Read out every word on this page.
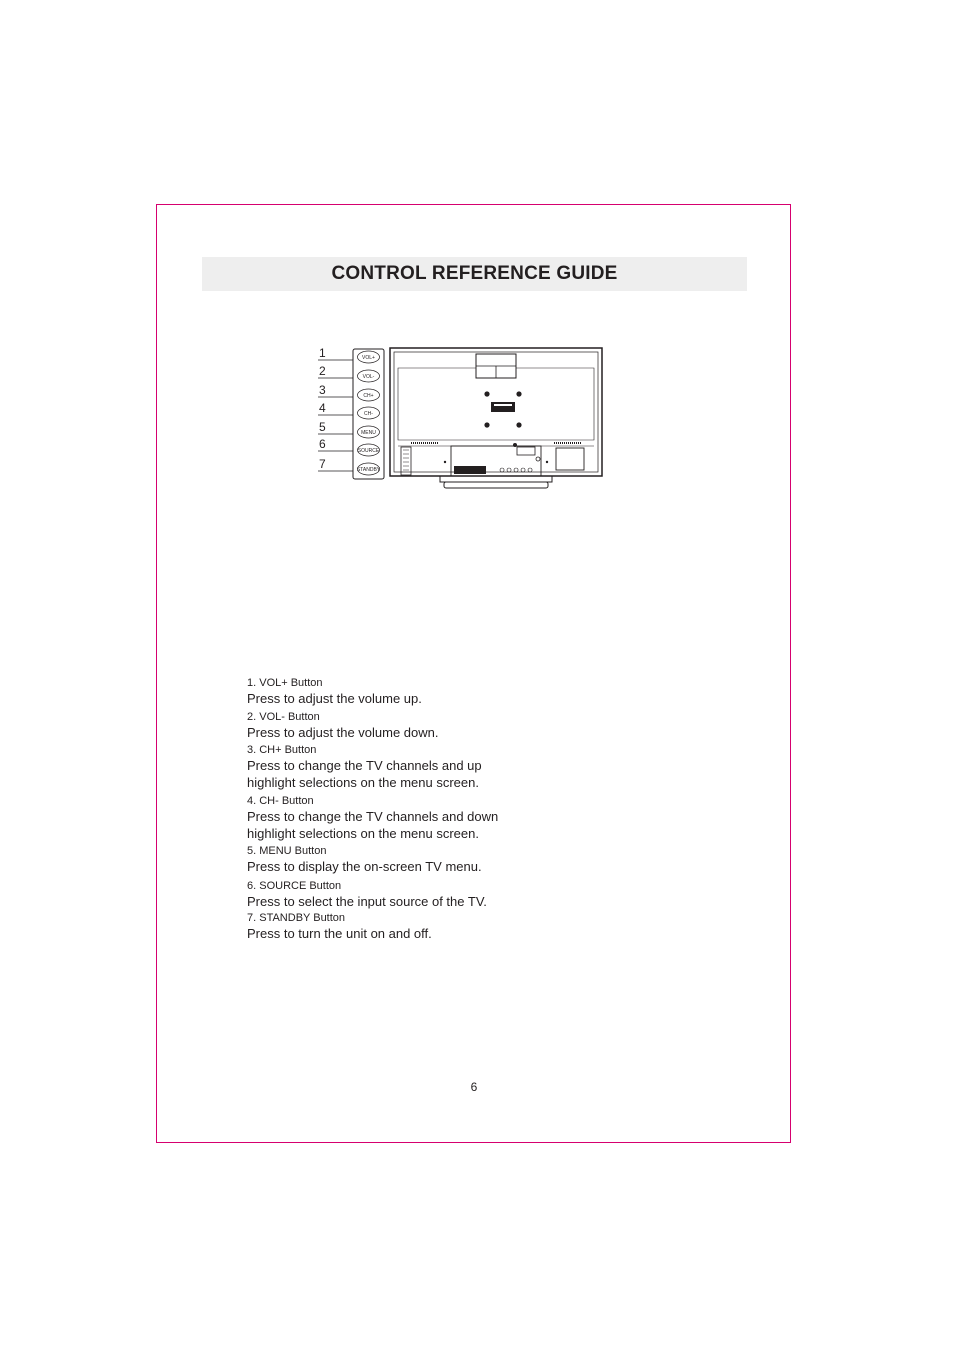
CONTROL REFERENCE GUIDE
1
2
3
4
5
6
7
VOL+
VOL-
CH+
CH-
MENU
SOURCE
STANDBY
1. VOL+ Button
Press to adjust the volume up.
2. VOL- Button
Press to adjust the volume down.
3. CH+ Button
Press to change the TV channels and up
highlight selections on the menu screen.
4. CH- Button
Press to change the TV channels and down
highlight selections on the menu screen.
5. MENU Button
Press to display the on-screen TV menu.
6. SOURCE Button
Press to select the input source of the TV.
7. STANDBY Button
Press to turn the unit on and off.
6
